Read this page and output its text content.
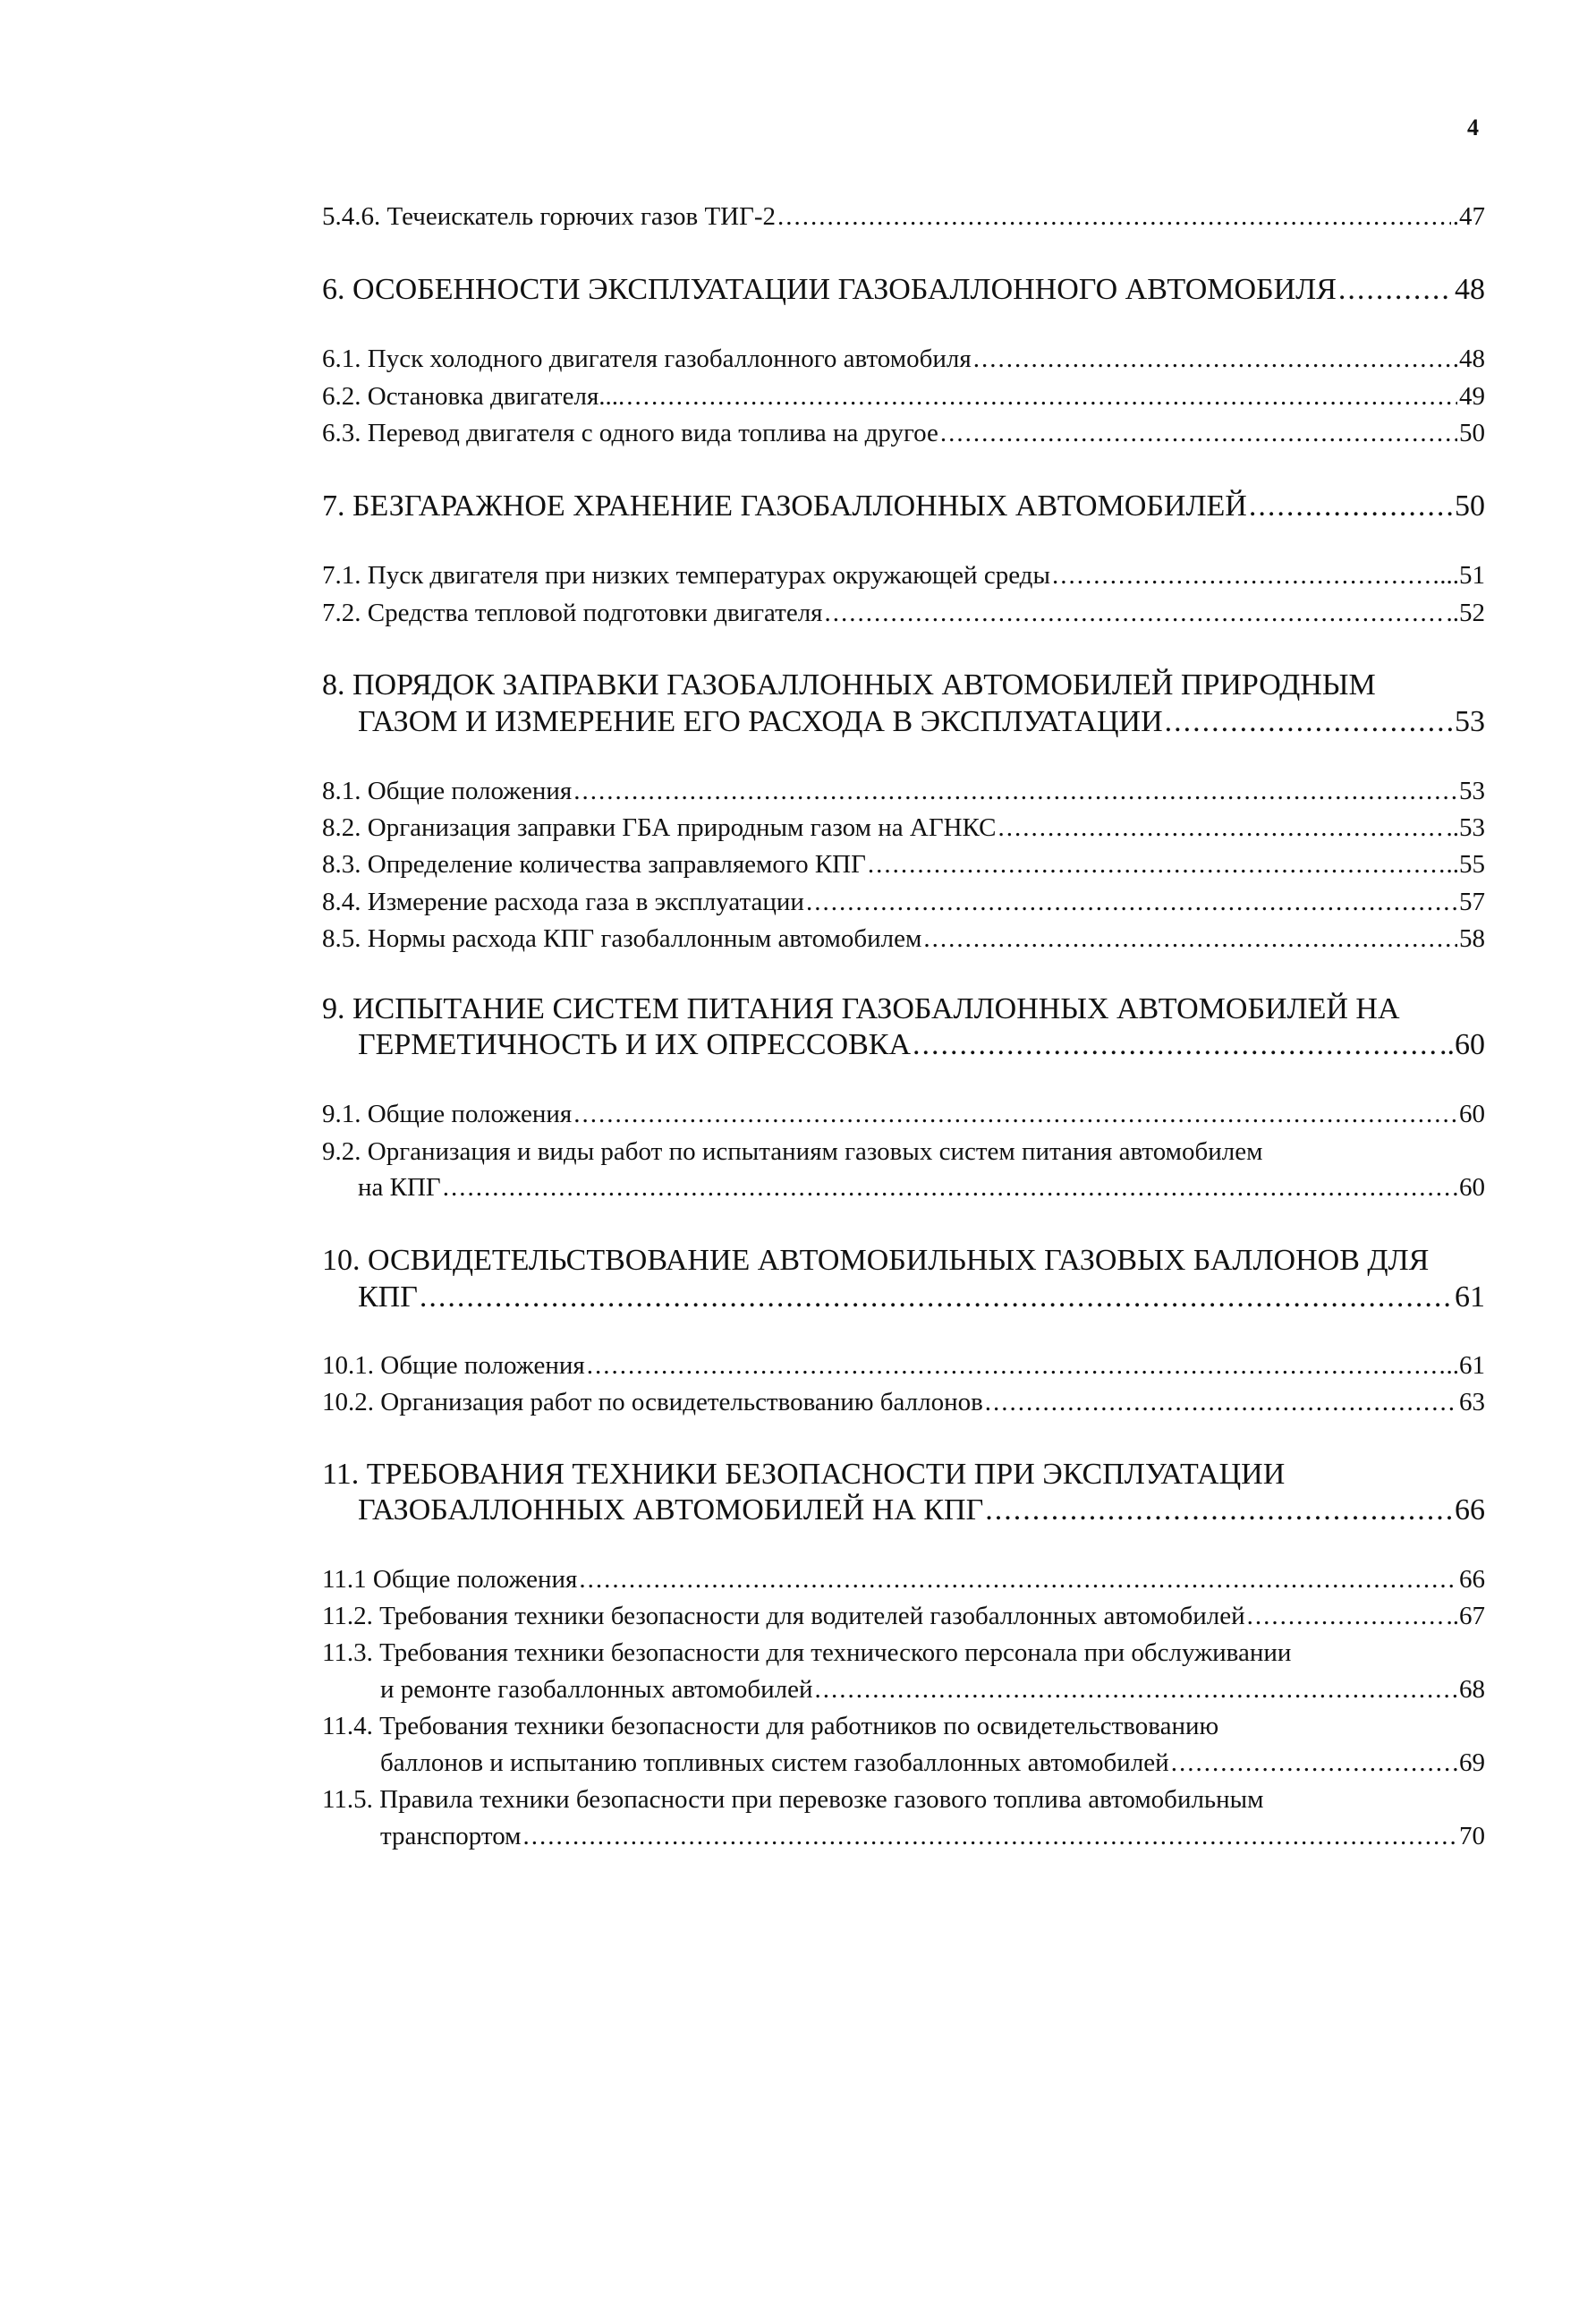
4
5.4.6. Течеискатель горючих газов ТИГ-2 .....	.47
6. ОСОБЕННОСТИ ЭКСПЛУАТАЦИИ ГАЗОБАЛЛОННОГО АВТОМОБИЛЯ .....	48
6.1. Пуск холодного двигателя газобаллонного автомобиля .....	.48
6.2. Остановка двигателя.... .....	49
6.3. Перевод двигателя с одного вида топлива на другое .....	50
7. БЕЗГАРАЖНОЕ ХРАНЕНИЕ ГАЗОБАЛЛОННЫХ АВТОМОБИЛЕЙ .....	50
7.1. Пуск двигателя при низких температурах окружающей среды .....	...51
7.2. Средства тепловой подготовки двигателя .....	..52
8. ПОРЯДОК ЗАПРАВКИ ГАЗОБАЛЛОННЫХ АВТОМОБИЛЕЙ ПРИРОДНЫМ
ГАЗОМ И ИЗМЕРЕНИЕ ЕГО РАСХОДА В ЭКСПЛУАТАЦИИ .....	53
8.1. Общие положения .....	53
8.2. Организация заправки ГБА природным газом на АГНКС .....	..53
8.3. Определение количества заправляемого КПГ .....	..55
8.4. Измерение расхода газа в эксплуатации .....	57
8.5. Нормы расхода КПГ газобаллонным автомобилем .....	58
9. ИСПЫТАНИЕ СИСТЕМ ПИТАНИЯ ГАЗОБАЛЛОННЫХ АВТОМОБИЛЕЙ НА
ГЕРМЕТИЧНОСТЬ И ИХ ОПРЕССОВКА .....	..60
9.1. Общие положения .....	60
9.2. Организация и виды работ по испытаниям газовых систем питания автомобилем
на КПГ .....	60
10. ОСВИДЕТЕЛЬСТВОВАНИЕ АВТОМОБИЛЬНЫХ ГАЗОВЫХ БАЛЛОНОВ ДЛЯ
КПГ .....	61
10.1. Общие положения .....	..61
10.2. Организация работ по освидетельствованию баллонов .....	63
11. ТРЕБОВАНИЯ ТЕХНИКИ БЕЗОПАСНОСТИ ПРИ ЭКСПЛУАТАЦИИ
ГАЗОБАЛЛОННЫХ АВТОМОБИЛЕЙ НА КПГ .....	66
11.1 Общие положения .....	66
11.2. Требования техники безопасности для водителей газобаллонных автомобилей .....	..67
11.3. Требования техники безопасности для технического персонала при обслуживании
и ремонте газобаллонных автомобилей .....	68
11.4. Требования техники безопасности для работников по освидетельствованию
баллонов и испытанию топливных систем газобаллонных автомобилей .....	69
11.5. Правила техники безопасности при перевозке газового топлива автомобильным
транспортом .....	70
